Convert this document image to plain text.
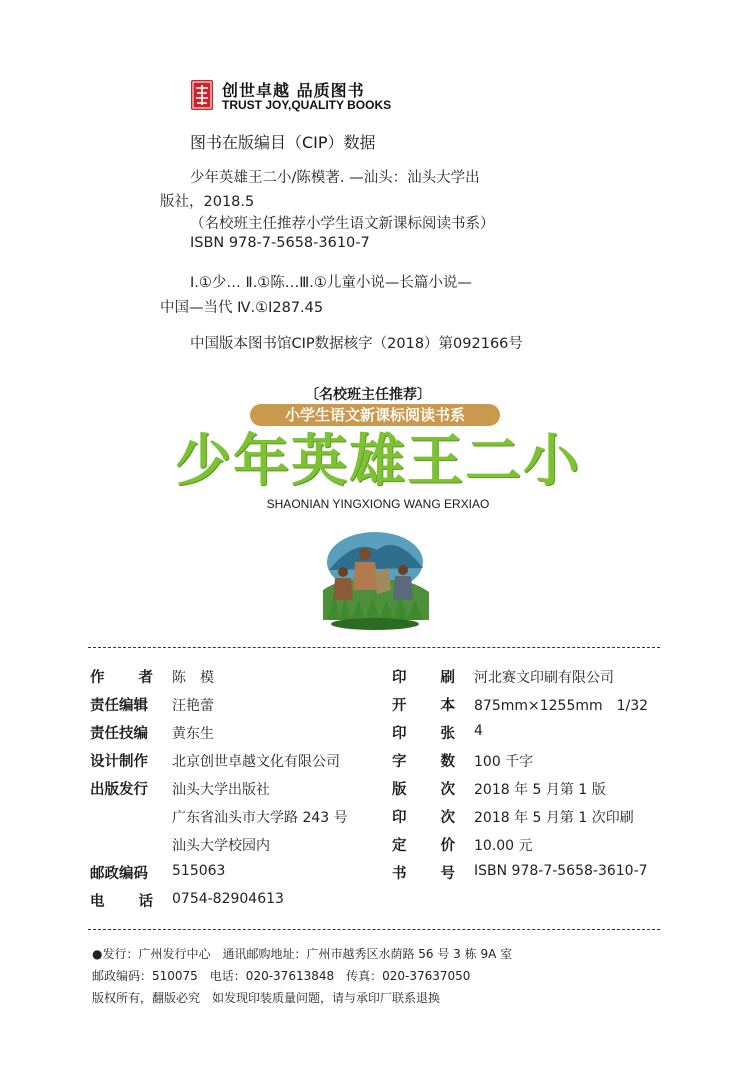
创世卓越 品质图书
TRUST JOY,QUALITY BOOKS
图书在版编目（CIP）数据
少年英雄王二小/陈模著. —汕头：汕头大学出
版社，2018.5
（名校班主任推荐小学生语文新课标阅读书系）
ISBN 978-7-5658-3610-7
Ⅰ.①少… Ⅱ.①陈…Ⅲ.①儿童小说—长篇小说—
中国—当代 Ⅳ.①I287.45
中国版本图书馆CIP数据核字（2018）第092166号
〔名校班主任推荐〕
小学生语文新课标阅读书系
少年英雄王二小
SHAONIAN YINGXIONG WANG ERXIAO
作 者 陈　模
责任编辑 汪艳蕾
责任技编 黄东生
设计制作 北京创世卓越文化有限公司
出版发行 汕头大学出版社
广东省汕头市大学路 243 号
汕头大学校园内
邮政编码 515063
电 话 0754-82904613
印 刷 河北赛文印刷有限公司
开 本 875mm×1255mm　1/32
印 张 4
字 数 100 千字
版 次 2018 年 5 月第 1 版
印 次 2018 年 5 月第 1 次印刷
定 价 10.00 元
书 号 ISBN 978-7-5658-3610-7
●发行：广州发行中心　通讯邮购地址：广州市越秀区水荫路 56 号 3 栋 9A 室
邮政编码：510075　电话：020-37613848　传真：020-37637050
版权所有，翻版必究　如发现印装质量问题，请与承印厂联系退换
